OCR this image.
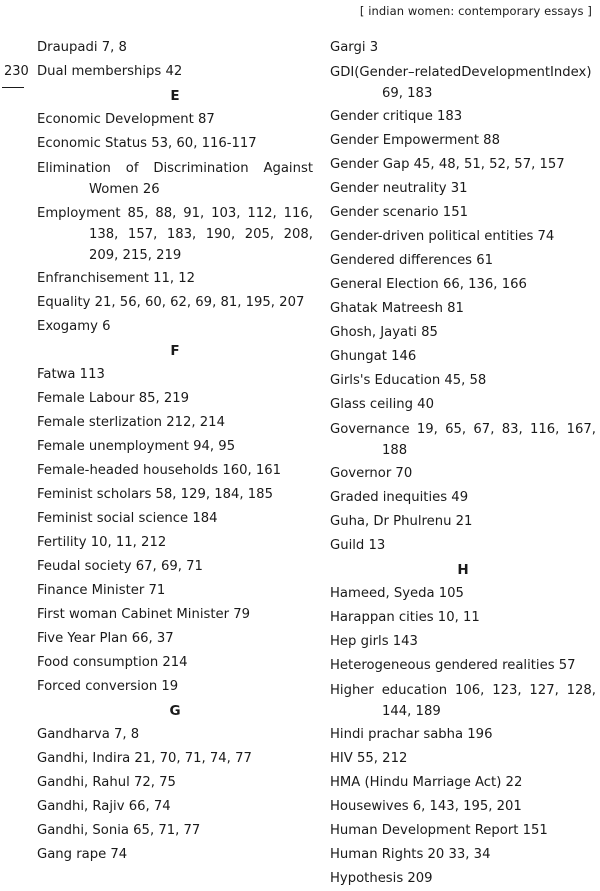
[ indian women: contemporary essays ]
230
Draupadi 7, 8
Dual memberships 42
E
Economic Development 87
Economic Status 53, 60, 116-117
Elimination of Discrimination Against Women 26
Employment 85, 88, 91, 103, 112, 116, 138, 157, 183, 190, 205, 208, 209, 215, 219
Enfranchisement 11, 12
Equality 21, 56, 60, 62, 69, 81, 195, 207
Exogamy 6
F
Fatwa 113
Female Labour 85, 219
Female sterlization 212, 214
Female unemployment 94, 95
Female-headed households 160, 161
Feminist scholars 58, 129, 184, 185
Feminist social science 184
Fertility 10, 11, 212
Feudal society 67, 69, 71
Finance Minister 71
First woman Cabinet Minister 79
Five Year Plan 66, 37
Food consumption 214
Forced conversion 19
G
Gandharva 7, 8
Gandhi, Indira 21, 70, 71, 74, 77
Gandhi, Rahul 72, 75
Gandhi, Rajiv 66, 74
Gandhi, Sonia 65, 71, 77
Gang rape 74
Gargi 3
GDI(Gender–relatedDevelopmentIndex) 69, 183
Gender critique 183
Gender Empowerment 88
Gender Gap 45, 48, 51, 52, 57, 157
Gender neutrality 31
Gender scenario 151
Gender-driven political entities 74
Gendered differences 61
General Election 66, 136, 166
Ghatak Matreesh 81
Ghosh, Jayati 85
Ghungat 146
Girls's Education 45, 58
Glass ceiling 40
Governance 19, 65, 67, 83, 116, 167, 188
Governor 70
Graded inequities 49
Guha, Dr Phulrenu 21
Guild 13
H
Hameed, Syeda 105
Harappan cities 10, 11
Hep girls 143
Heterogeneous gendered realities 57
Higher education 106, 123, 127, 128, 144, 189
Hindi prachar sabha 196
HIV 55, 212
HMA (Hindu Marriage Act) 22
Housewives 6, 143, 195, 201
Human Development Report 151
Human Rights 20 33, 34
Hypothesis 209
